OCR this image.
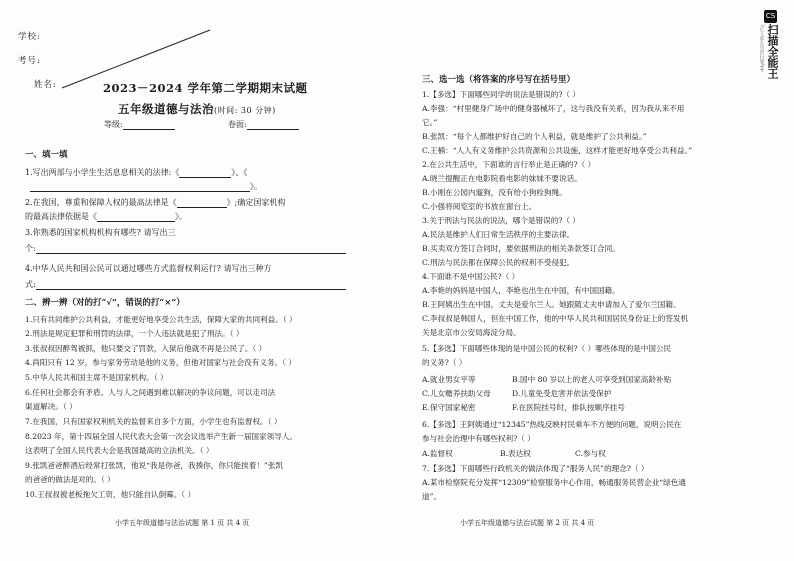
学校:
考号:
姓名:	2023－2024 学年第二学期期末试题
五年级道德与法治(时间: 30 分钟)
等级:	卷面:
一、填一填
1.写出两部与小学生生活息息相关的法律:《	》、《
》。
2.在我国，尊重和保障人权的最高法律是《	》;确定国家机构
的最高法律依据是《	》。
3.你熟悉的国家机构机构有哪些? 请写出三
个:
4.中华人民共和国公民可以通过哪些方式监督权利运行? 请写出三种方
式:
二、辨一辨（对的打“√”，错误的打“×”）
1.只有共同维护公共利益，才能更好地享受公共生活，保障大家的共同利益。（ ）
2.刑法是规定犯罪和刑罚的法律，一个人违法就是犯了刑法。（ ）
3.张叔叔因醉驾被抓，他只要交了罚款，入狱后他就不再是公民了。（ ）
4.尚阳只有 12 岁，参与家务劳动是他的义务，但他对国家与社会没有义务。（ ）
5.中华人民共和国主席不是国家机构。（ ）
6.任何社会都会有矛盾。人与人之间遇到难以解决的争议问题，可以走司法
渠道解决。（ ）
7.在我国，只有国家权利机关的监督来自多个方面，小学生也有监督权。（ ）
8.2023 年，第十四届全国人民代表大会第一次会议选举产生新一届国家领导人。
这表明了全国人民代表大会是我国最高的立法机关。（ ）
9.张凯爸爸醉酒后经常打张凯，他说“我是你爸，我揍你，你只能挨着！”张凯
的爸爸的做法是对的。（ ）
10.王叔叔被老板拖欠工资，他只能自认倒霉。（ ）
小学五年级道德与法治试题 第 1 页 共 4 页
三、选一选（将答案的序号写在括号里）
1.【多选】下面哪些同学的说法是错误的?（ ）
A.李强：“村里健身广场中的健身器械坏了，这与我没有关系，因为我从来不用
它。”
B.张凯：“每个人都维护好自己的个人利益，就是维护了公共利益。”
C.王楠：“人人有义务维护公共资源和公共设施，这样才能更好地享受公共利益。”
2.在公共生活中，下面谁的言行举止是正确的?（ ）
A.晓兰提醒正在电影院看电影的妹妹不要说话。
B.小刚在公园内遛狗，没有给小狗栓狗绳。
C.小强将阅览室的书放在窗台上。
3.关于刑法与民法的说法，哪个是错误的?（ ）
A.民法是维护人们日常生活秩序的主要法律。
B.买卖双方签订合同时，要依据刑法的相关条款签订合同。
C.刑法与民法都在保障公民的权利不受侵犯。
4.下面谁不是中国公民?（ ）
A.李艳的妈妈是中国人，李艳也出生在中国，有中国国籍。
B.王阿姨出生在中国，丈夫是爱尔兰人。她跟随丈夫申请加入了爱尔兰国籍。
C.李叔叔是韩国人，但在中国工作，他的中华人民共和国居民身份证上的签发机
关是北京市公安局海淀分局。
5.【多选】下面哪些体现的是中国公民的权利?（ ）哪些体现的是中国公民
的义务?（ ）
A.就业男女平等	B.国中 80 岁以上的老人可享受到国家高龄补贴
C.儿女赡养扶助父母	D.儿童免受危害并依法受保护
E.保守国家秘密	F.在医院挂号时，排队按顺序挂号
6.【多选】王阿姨通过“12345”热线反映村民乘车不方便的问题，说明公民在
参与社会治理中有哪些权利?（ ）
A.监督权	B.表达权	C.参与权
7.【多选】下面哪些行政机关的做法体现了“服务人民”的理念?（ ）
A.某市检察院充分发挥“12309”检察服务中心作用，畅通服务民营企业“绿色通
道”。
小学五年级道德与法治试题 第 2 页 共 4 页
CS
扫描全能王
3亿人都在用的扫描App
